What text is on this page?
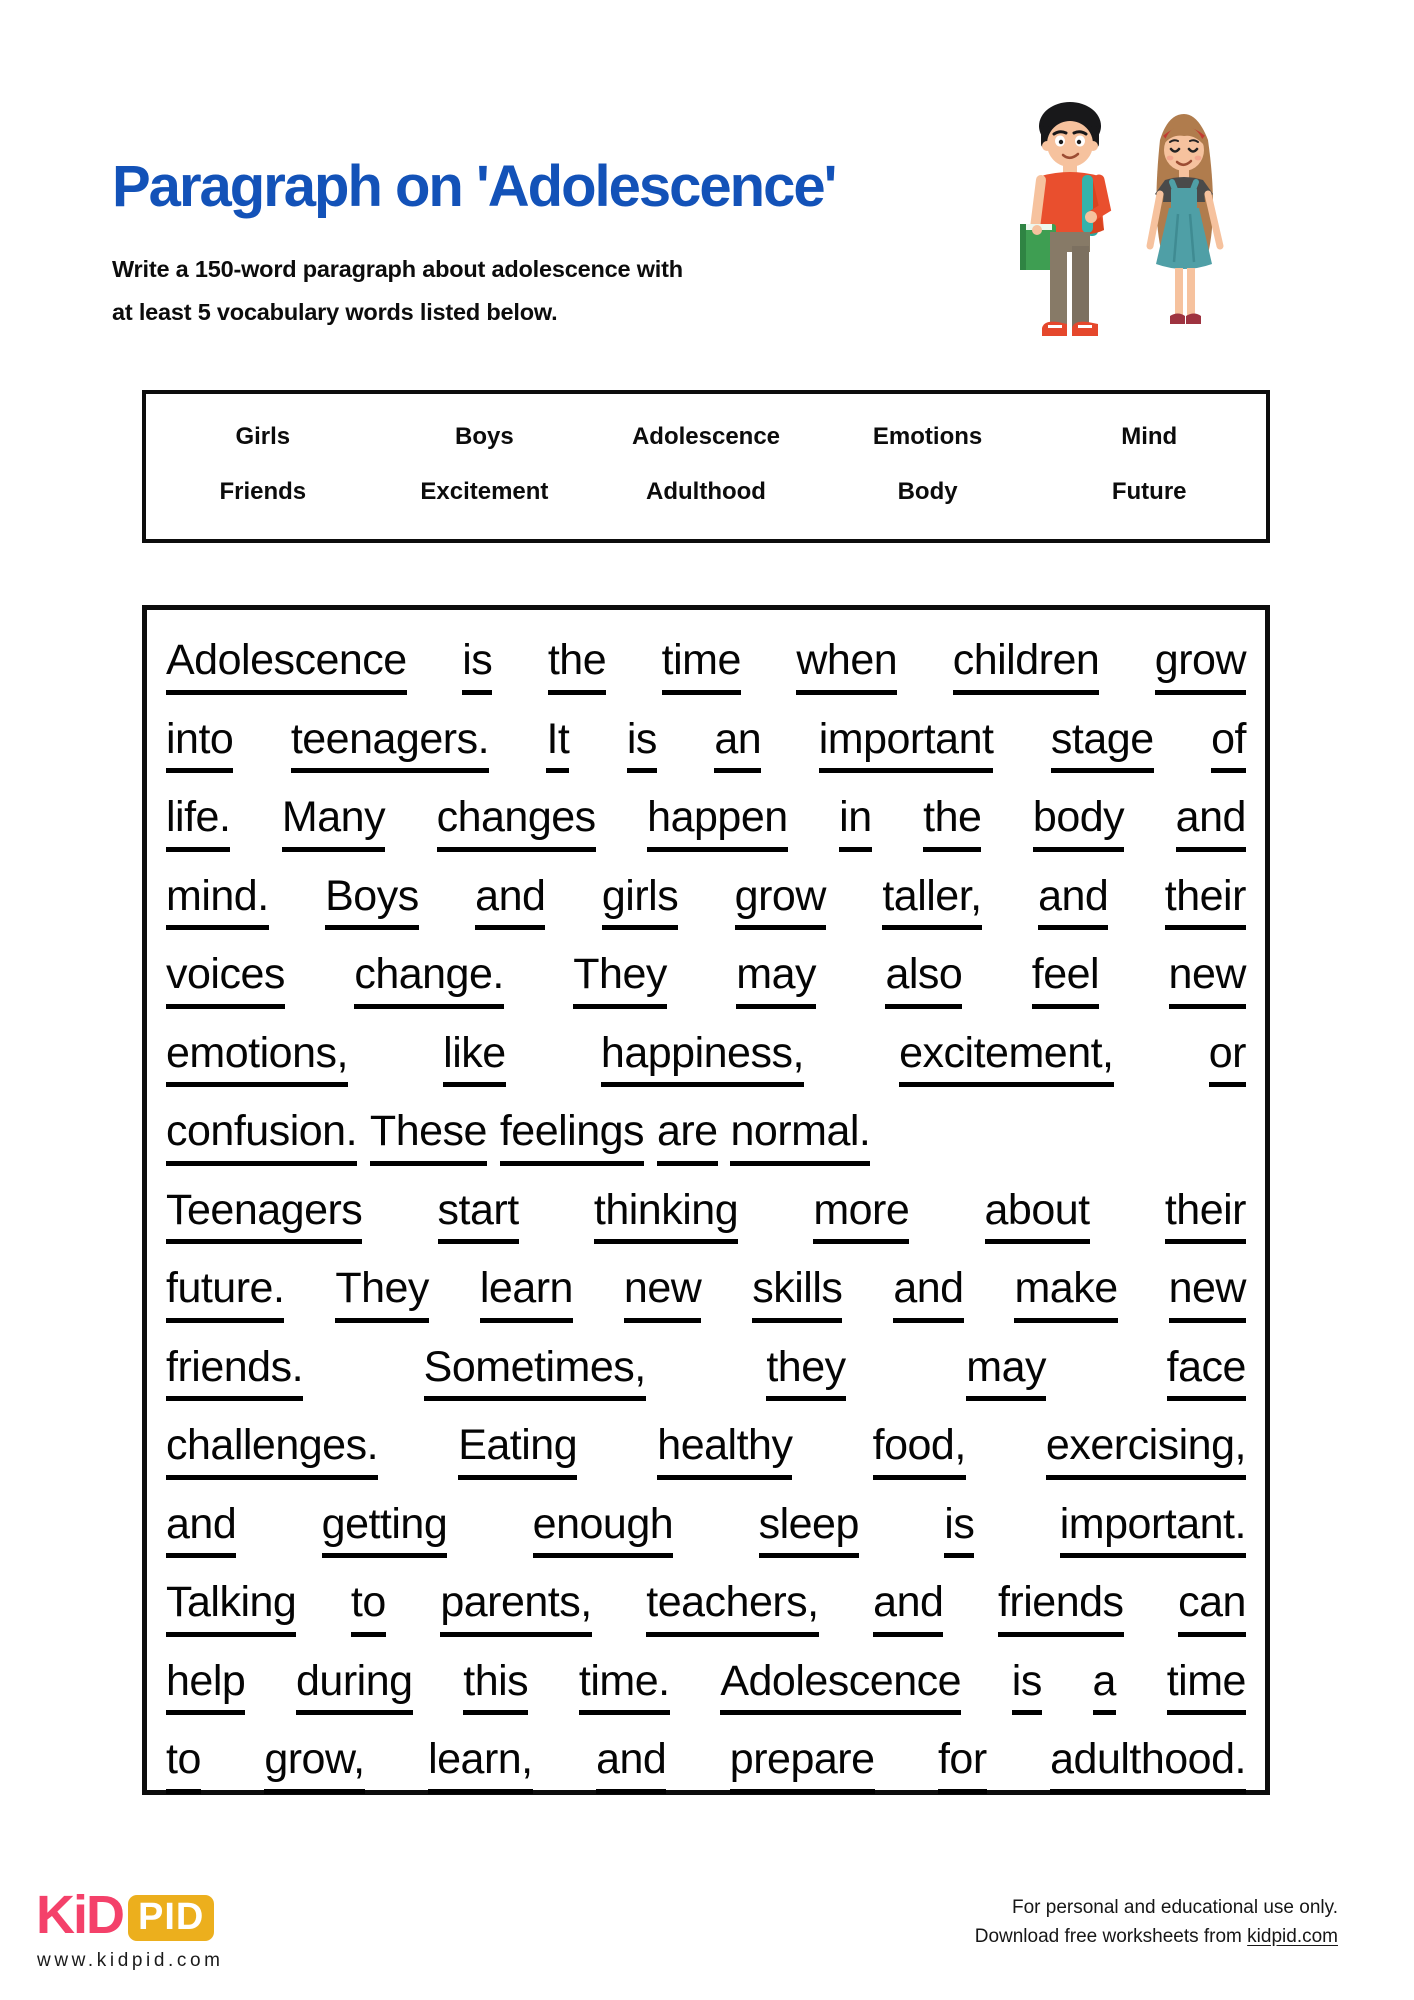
Paragraph on 'Adolescence'
Write a 150-word paragraph about adolescence with
at least 5 vocabulary words listed below.
Girls	Boys	Adolescence	Emotions	Mind
Friends	Excitement	Adulthood	Body	Future
Adolescence is the time when children grow
into teenagers. It is an important stage of
life. Many changes happen in the body and
mind. Boys and girls grow taller, and their
voices change. They may also feel new
emotions, like happiness, excitement, or
confusion. These feelings are normal.
Teenagers start thinking more about their
future. They learn new skills and make new
friends.	Sometimes,	they	may	face
challenges. Eating healthy food, exercising,
and getting enough sleep is important.
Talking to parents, teachers, and friends can
help during this time. Adolescence is a time
to grow, learn, and prepare for adulthood.
KiD PID
www.kidpid.com
For personal and educational use only.
Download free worksheets from kidpid.com
